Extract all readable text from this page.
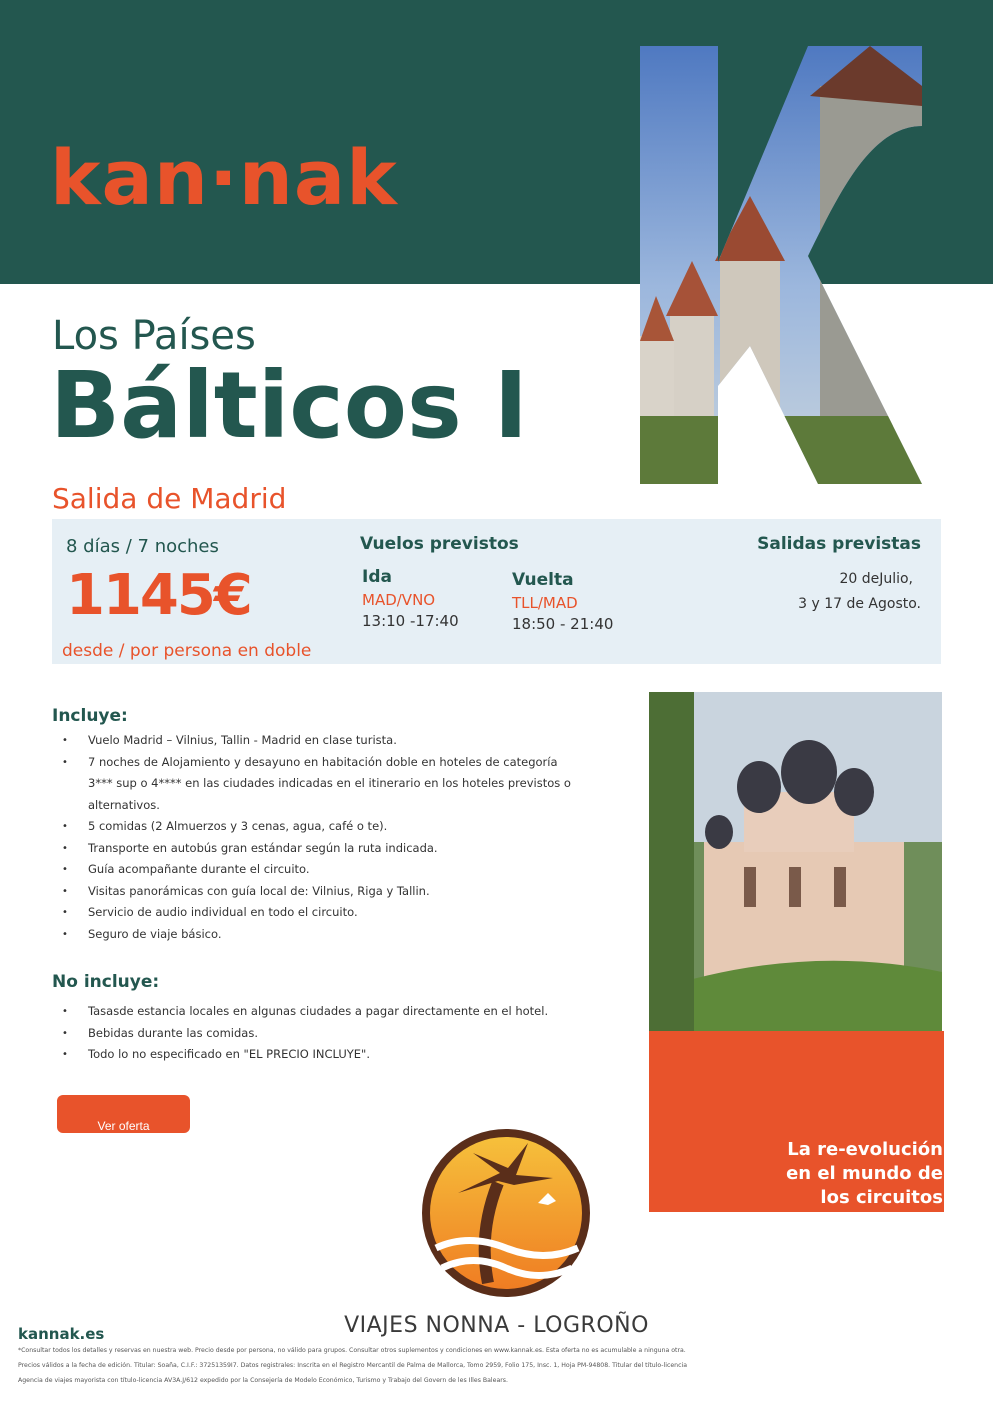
kan·nak
Los Países
Bálticos I
Salida de Madrid
8 días / 7 noches
1145€
desde / por persona en doble
Vuelos previstos
Ida
MAD/VNO
13:10 -17:40
Vuelta
TLL/MAD
18:50 - 21:40
Salidas previstas
20 deJulio,
3 y 17 de Agosto.
Incluye:
• Vuelo Madrid – Vilnius, Tallin - Madrid en clase turista.
• 7 noches de Alojamiento y desayuno en habitación doble en hoteles de categoría 3*** sup o 4**** en las ciudades indicadas en el itinerario en los hoteles previstos o alternativos.
• 5 comidas (2 Almuerzos y 3 cenas, agua, café o te).
• Transporte en autobús gran estándar según la ruta indicada.
• Guía acompañante durante el circuito.
• Visitas panorámicas con guía local de: Vilnius, Riga y Tallin.
• Servicio de audio individual en todo el circuito.
• Seguro de viaje básico.
No incluye:
• Tasasde estancia locales en algunas ciudades a pagar directamente en el hotel.
• Bebidas durante las comidas.
• Todo lo no especificado en "EL PRECIO INCLUYE".
Ver oferta
La re-evolución
en el mundo de
los circuitos
VIAJES NONNA - LOGROÑO
kannak.es
*Consultar todos los detalles y reservas en nuestra web. Precio desde por persona, no válido para grupos. Consultar otros suplementos y condiciones en www.kannak.es. Esta oferta no es acumulable a ninguna otra.
Precios válidos a la fecha de edición. Titular: Soaña, C.I.F.: 37251359I7. Datos registrales: Inscrita en el Registro Mercantil de Palma de Mallorca, Tomo 2959, Folio 175, Insc. 1, Hoja PM-94808. Titular del título-licencia
Agencia de viajes mayorista con título-licencia AV3A.J/612 expedido por la Consejería de Modelo Económico, Turismo y Trabajo del Govern de les Illes Balears.
